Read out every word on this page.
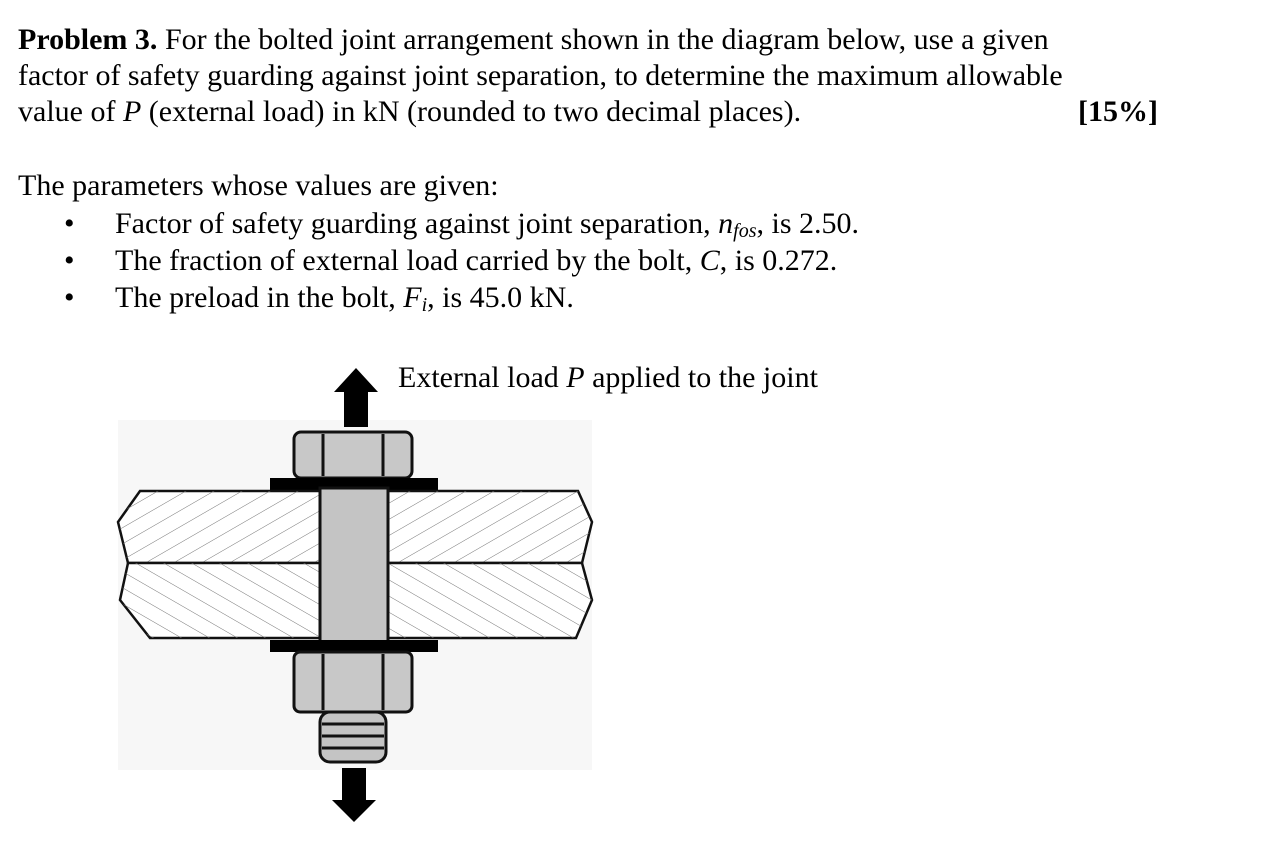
Problem 3. For the bolted joint arrangement shown in the diagram below, use a given
factor of safety guarding against joint separation, to determine the maximum allowable
value of P (external load) in kN (rounded to two decimal places).	[15%]
The parameters whose values are given:
• Factor of safety guarding against joint separation, $n_{fos}$, is 2.50.
• The fraction of external load carried by the bolt, C, is 0.272.
• The preload in the bolt, $F_i$, is 45.0 kN.
External load P applied to the joint
